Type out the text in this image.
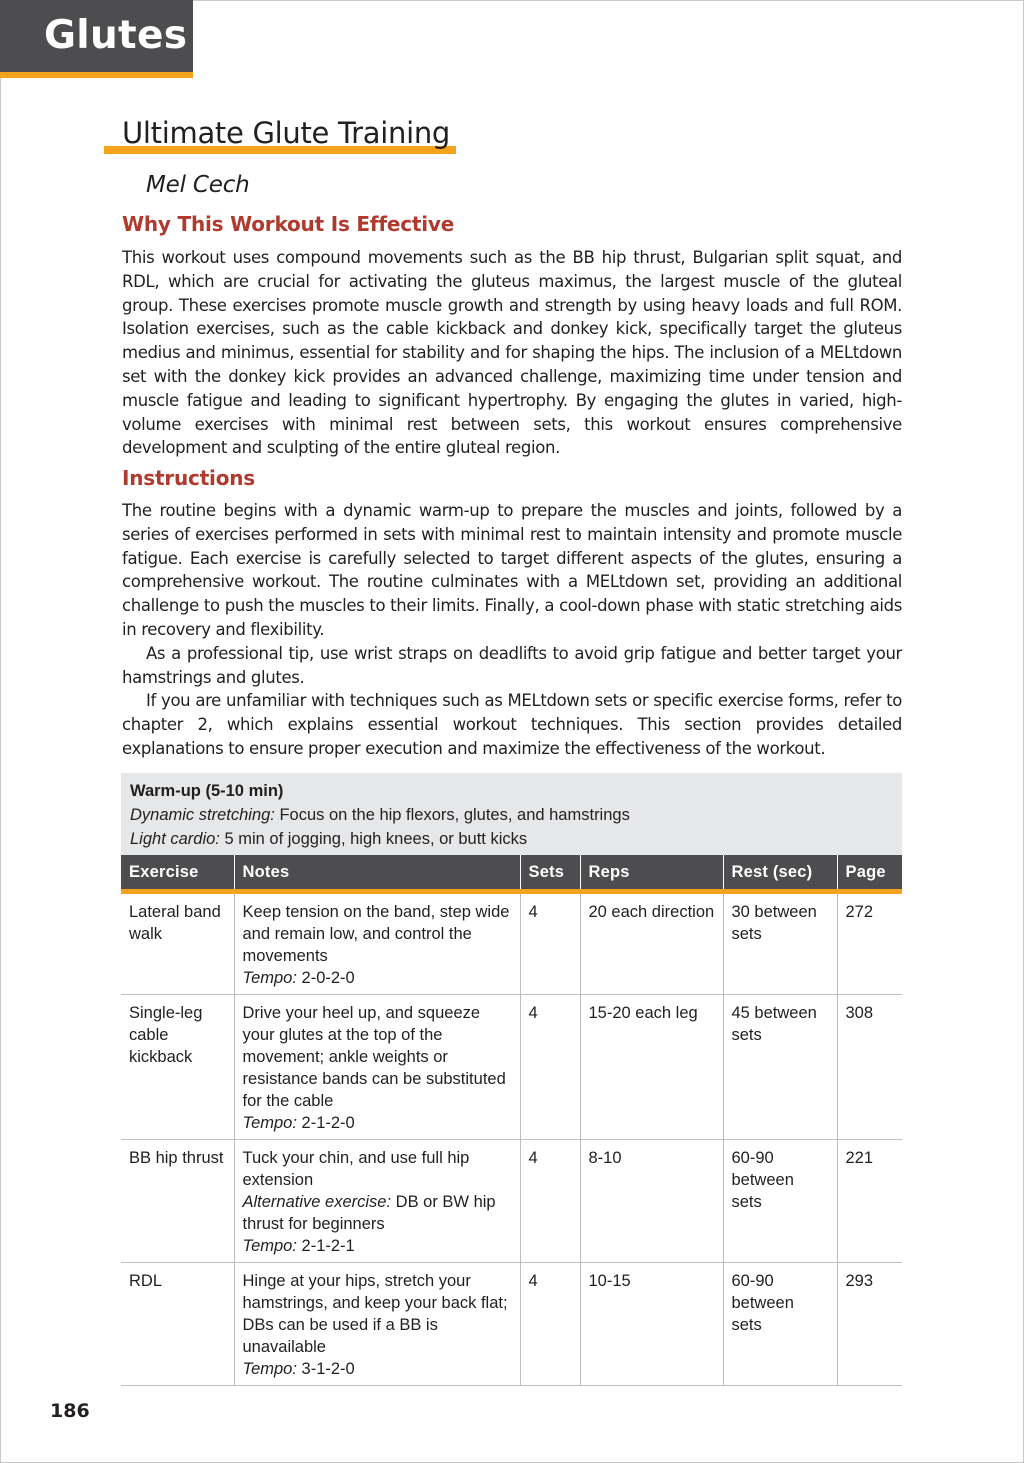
Glutes
Ultimate Glute Training
Mel Cech
Why This Workout Is Effective

This workout uses compound movements such as the BB hip thrust, Bulgarian split squat, and RDL, which are crucial for activating the gluteus maximus, the largest muscle of the gluteal group. These exercises promote muscle growth and strength by using heavy loads and full ROM. Isolation exercises, such as the cable kickback and donkey kick, specifically target the gluteus medius and minimus, essential for stability and for shaping the hips. The inclusion of a MELtdown set with the donkey kick provides an advanced challenge, maximizing time under tension and muscle fatigue and leading to significant hypertrophy. By engaging the glutes in varied, high-volume exercises with minimal rest between sets, this workout ensures comprehensive development and sculpting of the entire gluteal region.

Instructions

The routine begins with a dynamic warm-up to prepare the muscles and joints, followed by a series of exercises performed in sets with minimal rest to maintain intensity and promote muscle fatigue. Each exercise is carefully selected to target different aspects of the glutes, ensuring a comprehensive workout. The routine culminates with a MELtdown set, providing an additional challenge to push the muscles to their limits. Finally, a cool-down phase with static stretching aids in recovery and flexibility.

As a professional tip, use wrist straps on deadlifts to avoid grip fatigue and better target your hamstrings and glutes.

If you are unfamiliar with techniques such as MELtdown sets or specific exercise forms, refer to chapter 2, which explains essential workout techniques. This section provides detailed explanations to ensure proper execution and maximize the effectiveness of the workout.

Warm-up (5-10 min)
Dynamic stretching: Focus on the hip flexors, glutes, and hamstrings
Light cardio: 5 min of jogging, high knees, or butt kicks					

Exercise	Notes	Sets	Reps	Rest (sec)	Page
Lateral band walk	Keep tension on the band, step wide and remain low, and control the movements
Tempo: 2-0-2-0	4	20 each direction	30 between sets	272
Single-leg cable kickback	Drive your heel up, and squeeze your glutes at the top of the movement; ankle weights or resistance bands can be substituted for the cable
Tempo: 2-1-2-0	4	15-20 each leg	45 between sets	308
BB hip thrust	Tuck your chin, and use full hip extension
Alternative exercise: DB or BW hip thrust for beginners
Tempo: 2-1-2-1	4	8-10	60-90 between sets	221
RDL	Hinge at your hips, stretch your hamstrings, and keep your back flat; DBs can be used if a BB is unavailable
Tempo: 3-1-2-0	4	10-15	60-90 between sets	293
186
